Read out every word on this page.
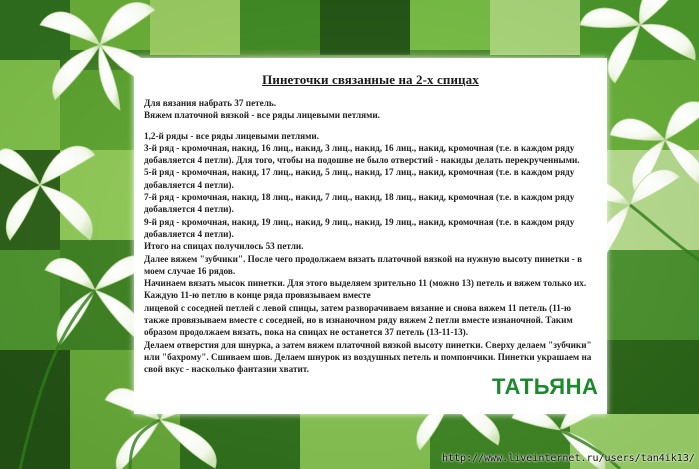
Пинеточки связанные на 2-х спицах

Для вязания набрать 37 петель.

Вяжем платочной вязкой - все ряды лицевыми петлями.

1,2-й ряды - все ряды лицевыми петлями.

3-й ряд - кромочная, накид, 16 лиц., накид, 3 лиц., накид, 16 лиц., накид, кромочная (т.е. в каждом ряду добавляется 4 петли). Для того, чтобы на подошве не было отверстий - накиды делать перекрученными.

5-й ряд - кромочная, накид, 17 лиц., накид, 5 лиц., накид, 17 лиц., накид, кромочная (т.е. в каждом ряду добавляется 4 петли).

7-й ряд - кромочная, накид, 18 лиц., накид, 7 лиц., накид, 18 лиц., накид, кромочная (т.е. в каждом ряду добавляется 4 петли).

9-й ряд - кромочная, накид, 19 лиц., накид, 9 лиц., накид, 19 лиц., накид, кромочная (т.е. в каждом ряду добавляется 4 петли).

Итого на спицах получилось 53 петли.

Далее вяжем "зубчики". После чего продолжаем вязать платочной вязкой на нужную высоту пинетки - в моем случае 16 рядов.

Начинаем вязать мысок пинетки. Для этого выделяем зрительно 11 (можно 13) петель и вяжем только их. Каждую 11-ю петлю в конце ряда провязываем вместе

лицевой с соседней петлей с левой спицы, затем разворачиваем вязание и снова вяжем 11 петель (11-ю также провязываем вместе с соседней, но в изнаночном ряду вяжем 2 петли вместе изнаночной. Таким образом продолжаем вязать, пока на спицах не останется 37 петель (13-11-13).

Делаем отверстия для шнурка, а затем вяжем платочной вязкой высоту пинетки. Сверху делаем "зубчики" или "бахрому". Сшиваем шов. Делаем шнурок из воздушных петель и помпончики. Пинетки украшаем на свой вкус - насколько фантазии хватит.

ТАТЬЯНА
http://www.liveinternet.ru/users/tan4ik13/
